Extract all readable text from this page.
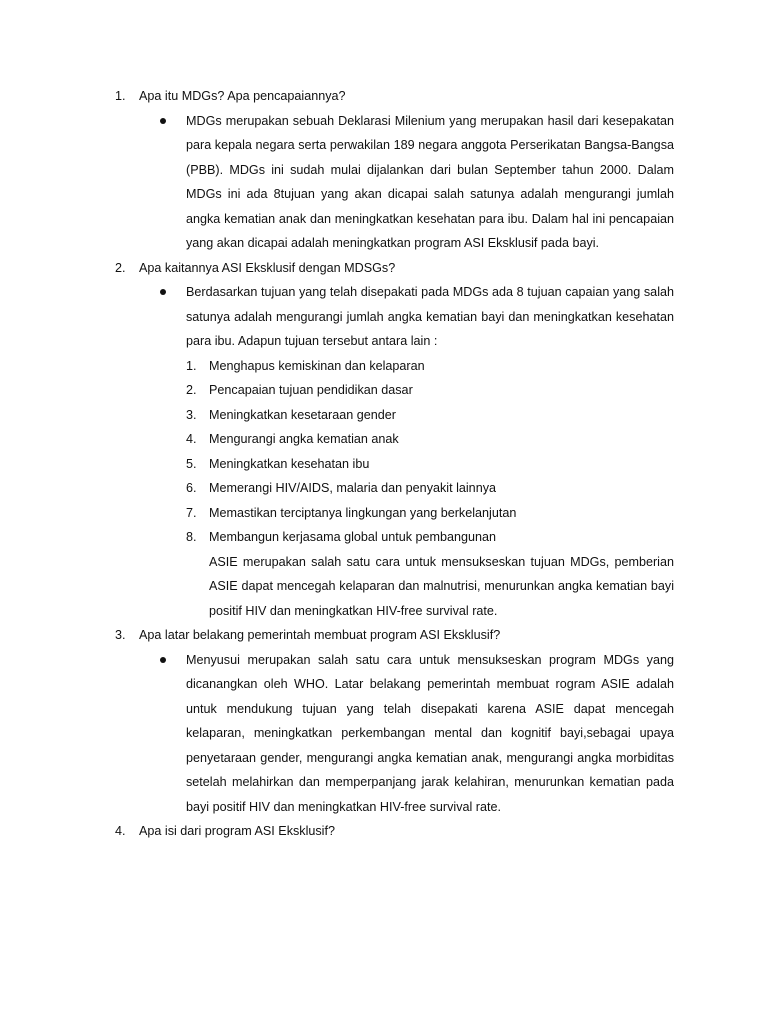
1. Apa itu MDGs? Apa pencapaiannya?

MDGs merupakan sebuah Deklarasi Milenium yang merupakan hasil dari kesepakatan para kepala negara serta perwakilan 189 negara anggota Perserikatan Bangsa-Bangsa (PBB). MDGs ini sudah mulai dijalankan dari bulan September tahun 2000. Dalam MDGs ini ada 8tujuan yang akan dicapai salah satunya adalah mengurangi jumlah angka kematian anak dan meningkatkan kesehatan para ibu. Dalam hal ini pencapaian yang akan dicapai adalah meningkatkan program ASI Eksklusif pada bayi.

2. Apa kaitannya ASI Eksklusif dengan MDSGs?

Berdasarkan tujuan yang telah disepakati pada MDGs ada 8 tujuan capaian yang salah satunya adalah mengurangi jumlah angka kematian bayi dan meningkatkan kesehatan para ibu. Adapun tujuan tersebut antara lain :

1. Menghapus kemiskinan dan kelaparan
2. Pencapaian tujuan pendidikan dasar
3. Meningkatkan kesetaraan gender
4. Mengurangi angka kematian anak
5. Meningkatkan kesehatan ibu
6. Memerangi HIV/AIDS, malaria dan penyakit lainnya
7. Memastikan terciptanya lingkungan yang berkelanjutan
8. Membangun kerjasama global untuk pembangunan

ASIE merupakan salah satu cara untuk mensukseskan tujuan MDGs, pemberian ASIE dapat mencegah kelaparan dan malnutrisi, menurunkan angka kematian bayi positif HIV dan meningkatkan HIV-free survival rate.

3. Apa latar belakang pemerintah membuat program ASI Eksklusif?

Menyusui merupakan salah satu cara untuk mensukseskan program MDGs yang dicanangkan oleh WHO. Latar belakang pemerintah membuat rogram ASIE adalah untuk mendukung tujuan yang telah disepakati karena ASIE dapat mencegah kelaparan, meningkatkan perkembangan mental dan kognitif bayi,sebagai upaya penyetaraan gender, mengurangi angka kematian anak, mengurangi angka morbiditas setelah melahirkan dan memperpanjang jarak kelahiran, menurunkan kematian pada bayi positif HIV dan meningkatkan HIV-free survival rate.

4. Apa isi dari program ASI Eksklusif?
